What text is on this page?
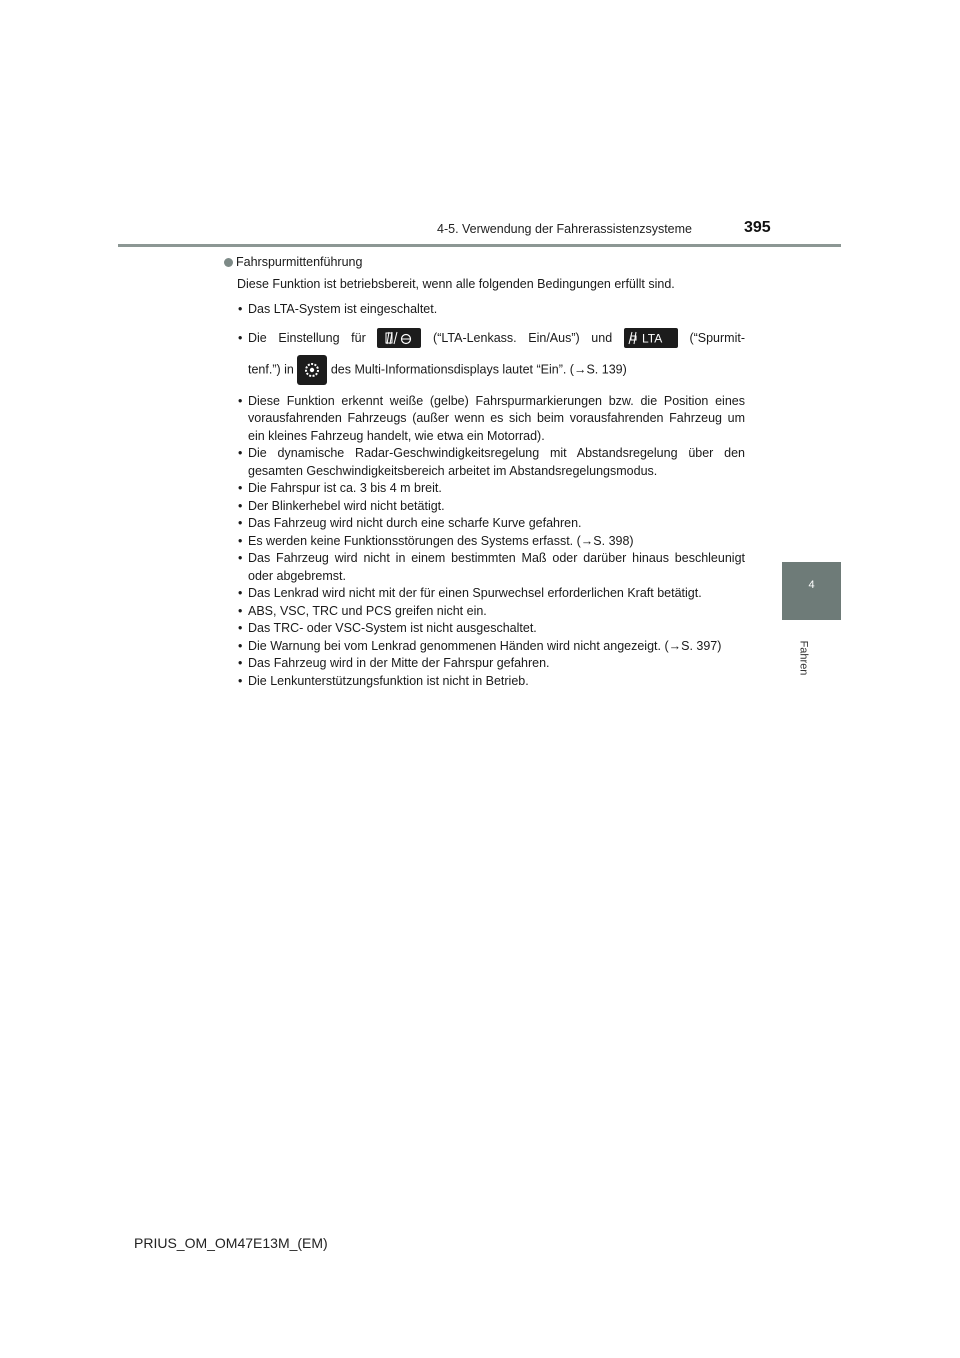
4-5. Verwendung der Fahrerassistenzsysteme	395
4
Fahren
Fahrspurmittenführung
Diese Funktion ist betriebsbereit, wenn alle folgenden Bedingungen erfüllt sind.
• Das LTA-System ist eingeschaltet.
• Die Einstellung für	(“LTA-Lenkass. Ein/Aus”) und LTA (“Spurmit-
tenf.”) in	des Multi-Informationsdisplays lautet “Ein”. (→S. 139)
• Diese Funktion erkennt weiße (gelbe) Fahrspurmarkierungen bzw. die Position eines vorausfahrenden Fahrzeugs (außer wenn es sich beim vorausfahrenden Fahrzeug um ein kleines Fahrzeug handelt, wie etwa ein Motorrad).
• Die dynamische Radar-Geschwindigkeitsregelung mit Abstandsregelung über den gesamten Geschwindigkeitsbereich arbeitet im Abstandsregelungsmodus.
• Die Fahrspur ist ca. 3 bis 4 m breit.
• Der Blinkerhebel wird nicht betätigt.
• Das Fahrzeug wird nicht durch eine scharfe Kurve gefahren.
• Es werden keine Funktionsstörungen des Systems erfasst. (→S. 398)
• Das Fahrzeug wird nicht in einem bestimmten Maß oder darüber hinaus beschleunigt oder abgebremst.
• Das Lenkrad wird nicht mit der für einen Spurwechsel erforderlichen Kraft betätigt.
• ABS, VSC, TRC und PCS greifen nicht ein.
• Das TRC- oder VSC-System ist nicht ausgeschaltet.
• Die Warnung bei vom Lenkrad genommenen Händen wird nicht angezeigt. (→S. 397)
• Das Fahrzeug wird in der Mitte der Fahrspur gefahren.
• Die Lenkunterstützungsfunktion ist nicht in Betrieb.
PRIUS_OM_OM47E13M_(EM)
